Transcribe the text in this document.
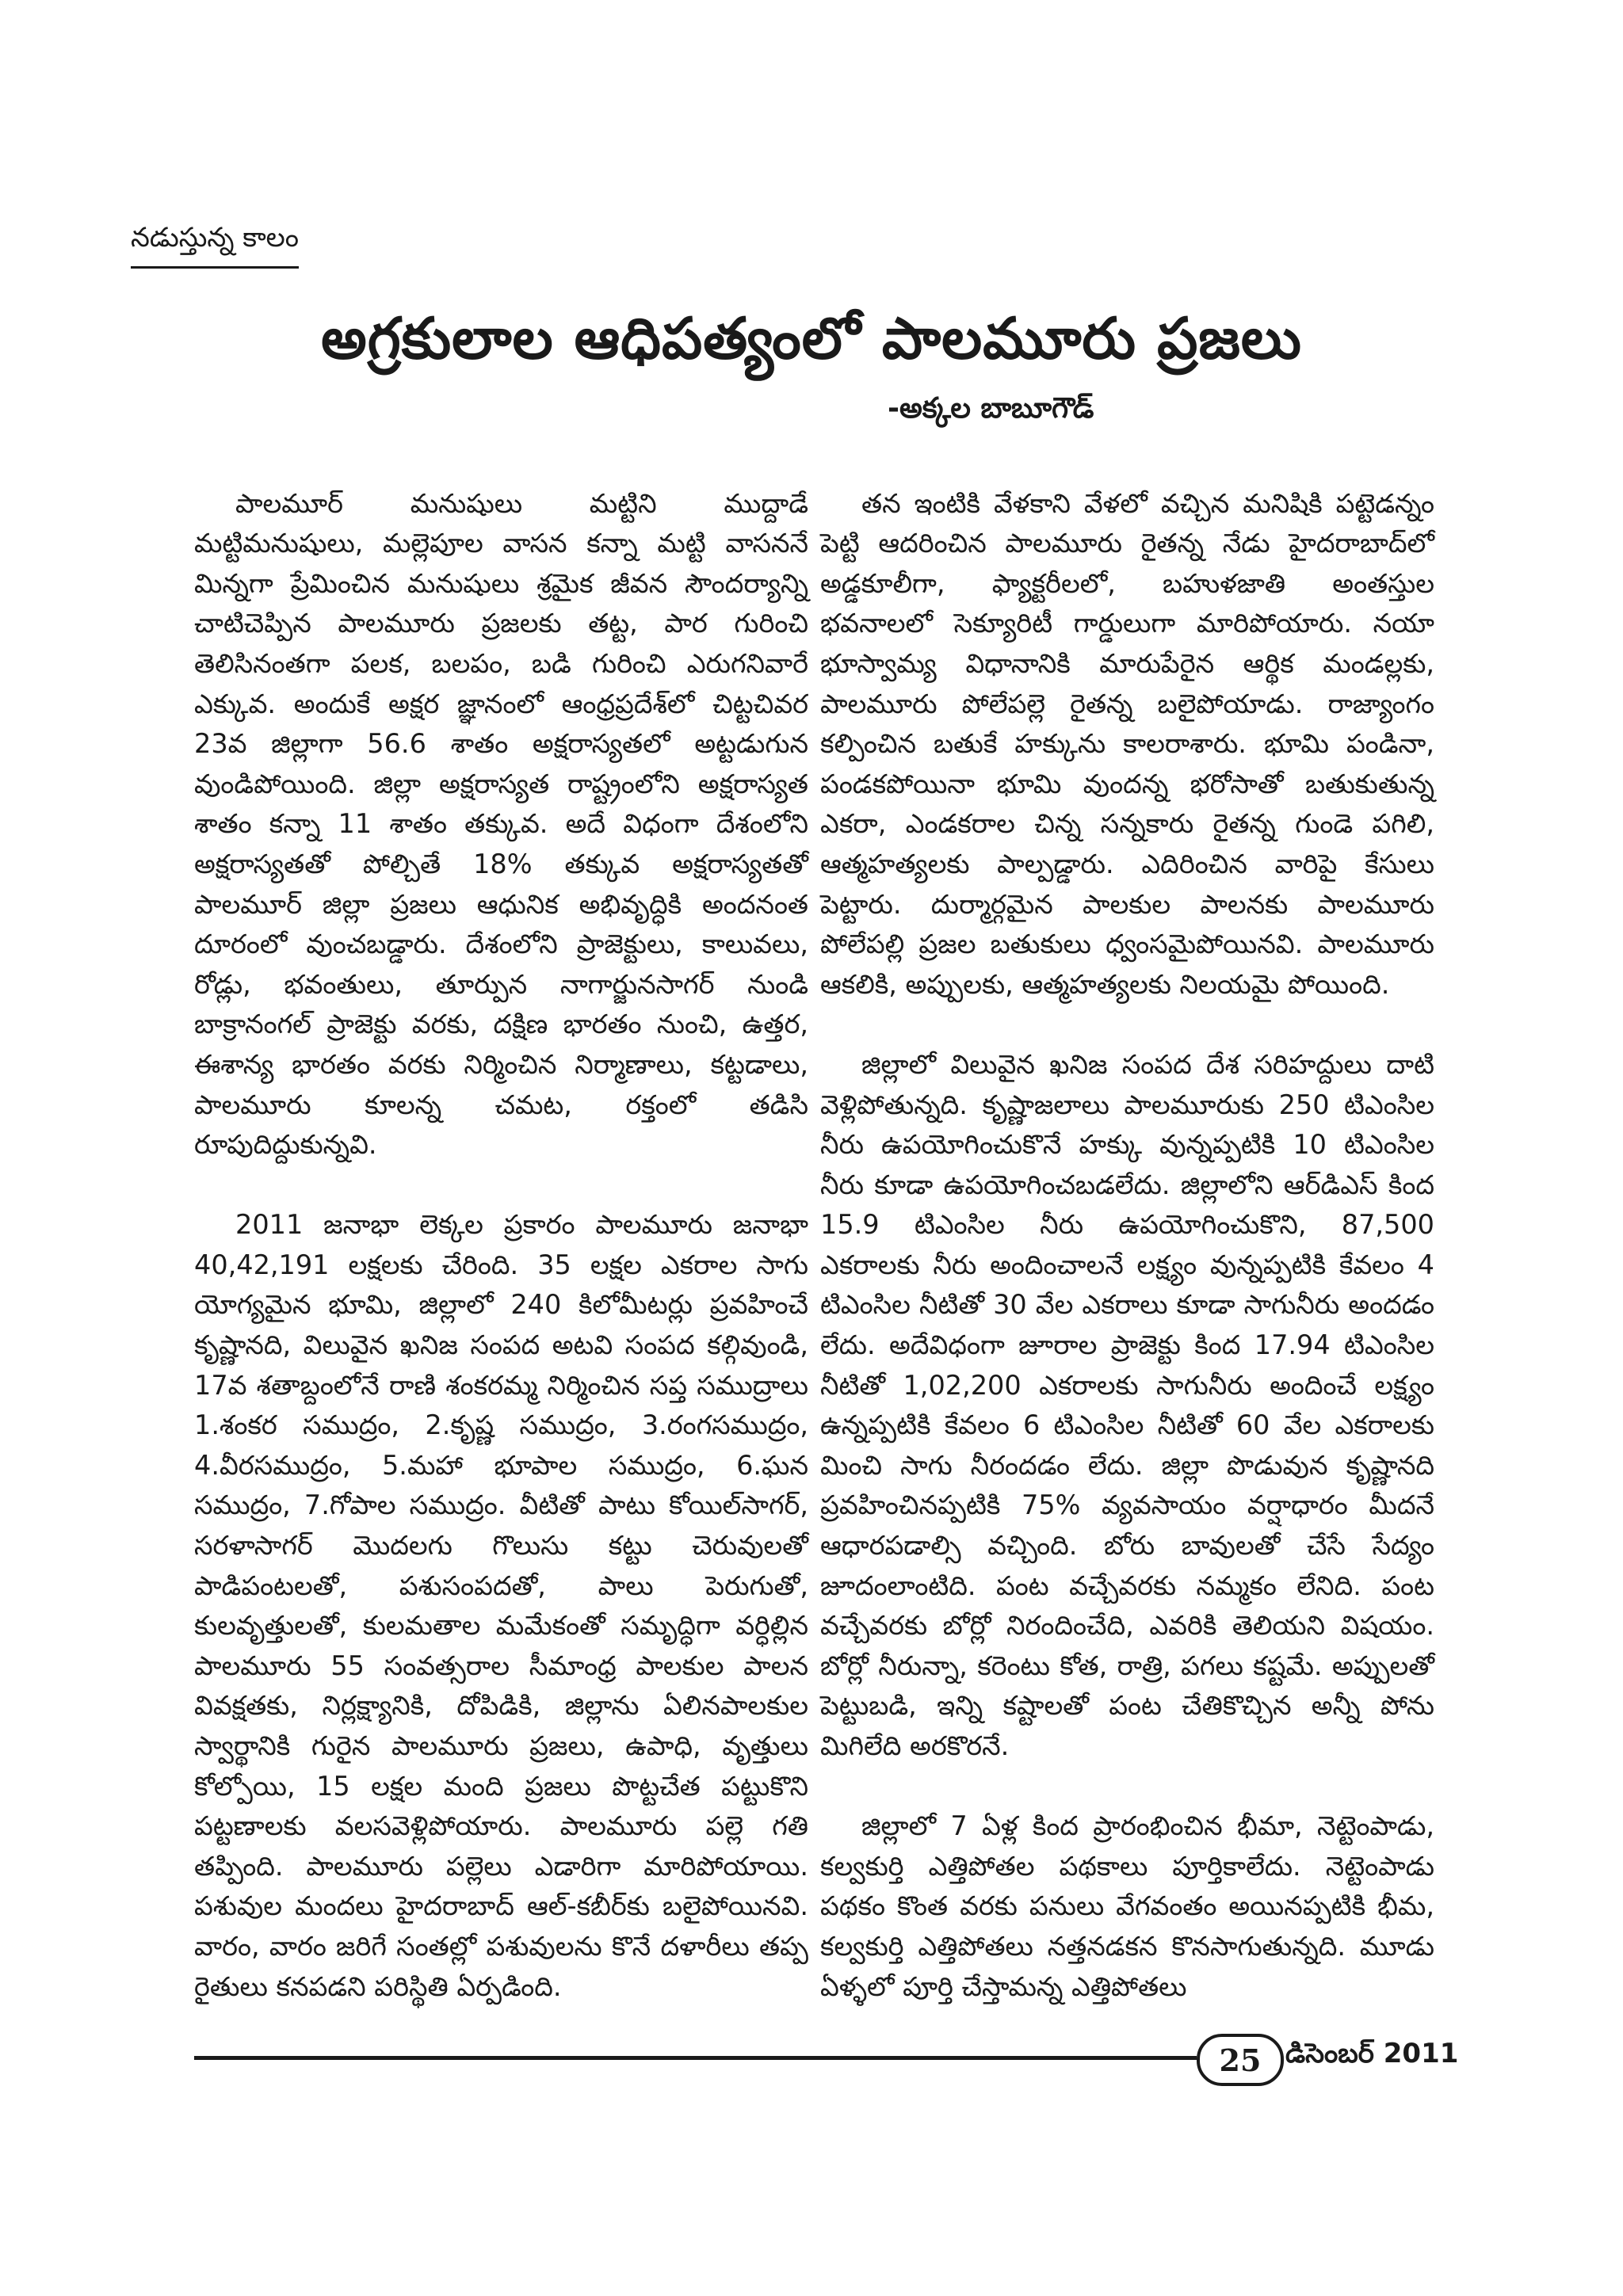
నడుస్తున్న కాలం
అగ్రకులాల ఆధిపత్యంలో పాలమూరు ప్రజలు
-అక్కల బాబూగౌడ్

పాలమూర్ మనుషులు మట్టిని ముద్దాడే మట్టిమనుషులు, మల్లెపూల వాసన కన్నా మట్టి వాసననే మిన్నగా ప్రేమించిన మనుషులు శ్రమైక జీవన సౌందర్యాన్ని చాటిచెప్పిన పాలమూరు ప్రజలకు తట్ట, పార గురించి తెలిసినంతగా పలక, బలపం, బడి గురించి ఎరుగనివారే ఎక్కువ. అందుకే అక్షర జ్ఞానంలో ఆంధ్రప్రదేశ్‌లో చిట్టచివర 23వ జిల్లాగా 56.6 శాతం అక్షరాస్యతలో అట్టడుగున వుండిపోయింది. జిల్లా అక్షరాస్యత రాష్ట్రంలోని అక్షరాస్యత శాతం కన్నా 11 శాతం తక్కువ. అదే విధంగా దేశంలోని అక్షరాస్యతతో పోల్చితే 18% తక్కువ అక్షరాస్యతతో పాలమూర్ జిల్లా ప్రజలు ఆధునిక అభివృద్ధికి అందనంత దూరంలో వుంచబడ్డారు. దేశంలోని ప్రాజెక్టులు, కాలువలు, రోడ్లు, భవంతులు, తూర్పున నాగార్జునసాగర్ నుండి బాక్రానంగల్ ప్రాజెక్టు వరకు, దక్షిణ భారతం నుంచి, ఉత్తర, ఈశాన్య భారతం వరకు నిర్మించిన నిర్మాణాలు, కట్టడాలు, పాలమూరు కూలన్న చమట, రక్తంలో తడిసి రూపుదిద్దుకున్నవి.

2011 జనాభా లెక్కల ప్రకారం పాలమూరు జనాభా 40,42,191 లక్షలకు చేరింది. 35 లక్షల ఎకరాల సాగు యోగ్యమైన భూమి, జిల్లాలో 240 కిలోమీటర్లు ప్రవహించే కృష్ణానది, విలువైన ఖనిజ సంపద అటవి సంపద కల్గివుండి, 17వ శతాబ్దంలోనే రాణి శంకరమ్మ నిర్మించిన సప్త సముద్రాలు 1.శంకర సముద్రం, 2.కృష్ణ సముద్రం, 3.రంగసముద్రం, 4.వీరసముద్రం, 5.మహా భూపాల సముద్రం, 6.ఘన సముద్రం, 7.గోపాల సముద్రం. వీటితో పాటు కోయిల్‌సాగర్, సరళాసాగర్ మొదలగు గొలుసు కట్టు చెరువులతో పాడిపంటలతో, పశుసంపదతో, పాలు పెరుగుతో, కులవృత్తులతో, కులమతాల మమేకంతో సమృద్ధిగా వర్ధిల్లిన పాలమూరు 55 సంవత్సరాల సీమాంధ్ర పాలకుల పాలన వివక్షతకు, నిర్లక్ష్యానికి, దోపిడికి, జిల్లాను ఏలినపాలకుల స్వార్థానికి గురైన పాలమూరు ప్రజలు, ఉపాధి, వృత్తులు కోల్పోయి, 15 లక్షల మంది ప్రజలు పొట్టచేత పట్టుకొని పట్టణాలకు వలసవెళ్లిపోయారు. పాలమూరు పల్లె గతి తప్పింది. పాలమూరు పల్లెలు ఎడారిగా మారిపోయాయి. పశువుల మందలు హైదరాబాద్ ఆల్-కబీర్‌కు బలైపోయినవి. వారం, వారం జరిగే సంతల్లో పశువులను కొనే దళారీలు తప్ప రైతులు కనపడని పరిస్థితి ఏర్పడింది.

తన ఇంటికి వేళకాని వేళలో వచ్చిన మనిషికి పట్టెడన్నం పెట్టి ఆదరించిన పాలమూరు రైతన్న నేడు హైదరాబాద్‌లో అడ్డకూలీగా, ఫ్యాక్టరీలలో, బహుళజాతి అంతస్తుల భవనాలలో సెక్యూరిటీ గార్డులుగా మారిపోయారు. నయా భూస్వామ్య విధానానికి మారుపేరైన ఆర్థిక మండల్లకు, పాలమూరు పోలేపల్లె రైతన్న బలైపోయాడు. రాజ్యాంగం కల్పించిన బతుకే హక్కును కాలరాశారు. భూమి పండినా, పండకపోయినా భూమి వుందన్న భరోసాతో బతుకుతున్న ఎకరా, ఎండకరాల చిన్న సన్నకారు రైతన్న గుండె పగిలి, ఆత్మహత్యలకు పాల్పడ్డారు. ఎదిరించిన వారిపై కేసులు పెట్టారు. దుర్మార్గమైన పాలకుల పాలనకు పాలమూరు పోలేపల్లి ప్రజల బతుకులు ధ్వంసమైపోయినవి. పాలమూరు ఆకలికి, అప్పులకు, ఆత్మహత్యలకు నిలయమై పోయింది.

జిల్లాలో విలువైన ఖనిజ సంపద దేశ సరిహద్దులు దాటి వెళ్లిపోతున్నది. కృష్ణాజలాలు పాలమూరుకు 250 టిఎంసిల నీరు ఉపయోగించుకొనే హక్కు వున్నప్పటికి 10 టిఎంసిల నీరు కూడా ఉపయోగించబడలేదు. జిల్లాలోని ఆర్‌డిఎస్ కింద 15.9 టిఎంసిల నీరు ఉపయోగించుకొని, 87,500 ఎకరాలకు నీరు అందించాలనే లక్ష్యం వున్నప్పటికి కేవలం 4 టిఎంసిల నీటితో 30 వేల ఎకరాలు కూడా సాగునీరు అందడం లేదు. అదేవిధంగా జూరాల ప్రాజెక్టు కింద 17.94 టిఎంసిల నీటితో 1,02,200 ఎకరాలకు సాగునీరు అందించే లక్ష్యం ఉన్నప్పటికి కేవలం 6 టిఎంసిల నీటితో 60 వేల ఎకరాలకు మించి సాగు నీరందడం లేదు. జిల్లా పొడువున కృష్ణానది ప్రవహించినప్పటికి 75% వ్యవసాయం వర్షాధారం మీదనే ఆధారపడాల్సి వచ్చింది. బోరు బావులతో చేసే సేద్యం జూదంలాంటిది. పంట వచ్చేవరకు నమ్మకం లేనిది. పంట వచ్చేవరకు బోర్లో నిరందించేది, ఎవరికి తెలియని విషయం. బోర్లో నీరున్నా, కరెంటు కోత, రాత్రి, పగలు కష్టమే. అప్పులతో పెట్టుబడి, ఇన్ని కష్టాలతో పంట చేతికొచ్చిన అన్నీ పోను మిగిలేది అరకొరనే.

జిల్లాలో 7 ఏళ్ల కింద ప్రారంభించిన భీమా, నెట్టెంపాడు, కల్వకుర్తి ఎత్తిపోతల పథకాలు పూర్తికాలేదు. నెట్టెంపాడు పథకం కొంత వరకు పనులు వేగవంతం అయినప్పటికి భీమ, కల్వకుర్తి ఎత్తిపోతలు నత్తనడకన కొనసాగుతున్నది. మూడు ఏళ్ళలో పూర్తి చేస్తామన్న ఎత్తిపోతలు

25 డిసెంబర్ 2011
